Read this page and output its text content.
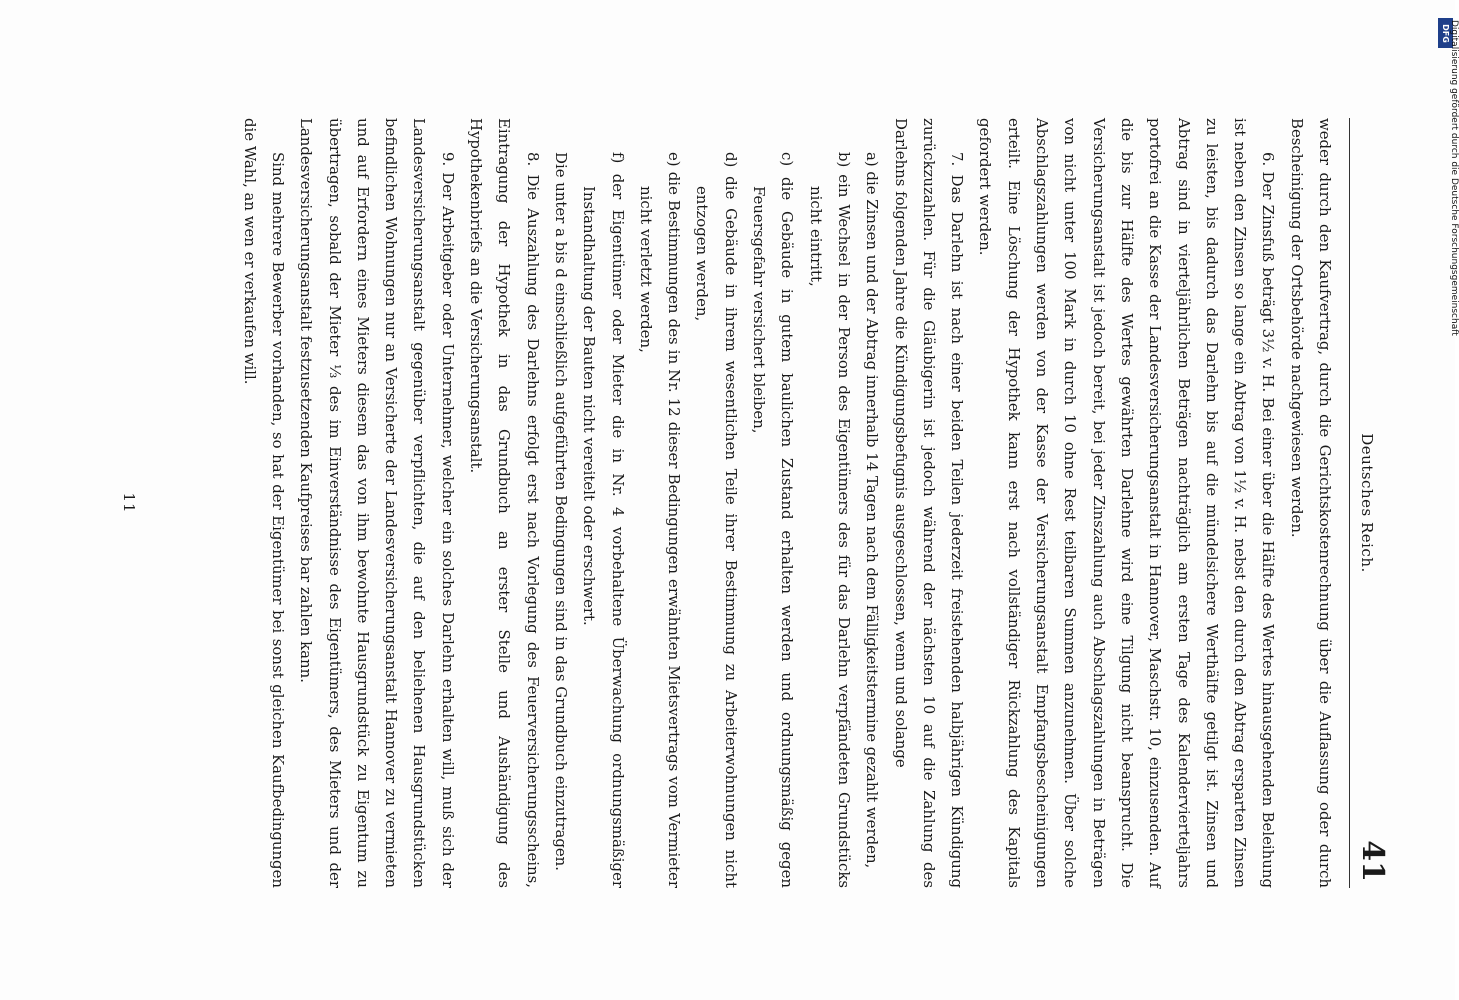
Deutsches Reich.
41

weder durch den Kaufvertrag, durch die Gerichtskostenrechnung über die Auflassung oder durch Bescheinigung der Ortsbehörde nachgewiesen werden.

6. Der Zinsfuß beträgt 3½ v. H. Bei einer über die Hälfte des Wertes hinausgehenden Beleihung ist neben den Zinsen so lange ein Abtrag von 1½ v. H. nebst den durch den Abtrag ersparten Zinsen zu leisten, bis dadurch das Darlehn bis auf die mündelsichere Werthälfte getilgt ist. Zinsen und Abtrag sind in vierteljährlichen Beträgen nachträglich am ersten Tage des Kalendervierteljahrs portofrei an die Kasse der Landesversicherungsanstalt in Hannover, Maschstr. 10, einzusenden. Auf die bis zur Hälfte des Wertes gewährten Darlehne wird eine Tilgung nicht beansprucht. Die Versicherungsanstalt ist jedoch bereit, bei jeder Zinszahlung auch Abschlagszahlungen in Beträgen von nicht unter 100 Mark in durch 10 ohne Rest teilbaren Summen anzunehmen. Über solche Abschlagszahlungen werden von der Kasse der Versicherungsanstalt Empfangsbescheinigungen erteilt. Eine Löschung der Hypothek kann erst nach vollständiger Rückzahlung des Kapitals gefordert werden.

7. Das Darlehn ist nach einer beiden Teilen jederzeit freistehenden halbjährigen Kündigung zurückzuzahlen. Für die Gläubigerin ist jedoch während der nächsten 10 auf die Zahlung des Darlehns folgenden Jahre die Kündigungsbefugnis ausgeschlossen, wenn und solange

a) die Zinsen und der Abtrag innerhalb 14 Tagen nach dem Fälligkeitstermine gezahlt werden,

b) ein Wechsel in der Person des Eigentümers des für das Darlehn verpfändeten Grundstücks nicht eintritt,

c) die Gebäude in gutem baulichen Zustand erhalten werden und ordnungsmäßig gegen Feuersgefahr versichert bleiben,

d) die Gebäude in ihrem wesentlichen Teile ihrer Bestimmung zu Arbeiterwohnungen nicht entzogen werden,

e) die Bestimmungen des in Nr. 12 dieser Bedingungen erwähnten Mietsvertrags vom Vermieter nicht verletzt werden,

f) der Eigentümer oder Mieter die in Nr. 4 vorbehaltene Überwachung ordnungsmäßiger Instandhaltung der Bauten nicht vereitelt oder erschwert.

Die unter a bis d einschließlich aufgeführten Bedingungen sind in das Grundbuch einzutragen.

8. Die Auszahlung des Darlehns erfolgt erst nach Vorlegung des Feuerversicherungsscheins, Eintragung der Hypothek in das Grundbuch an erster Stelle und Aushändigung des Hypothekenbriefs an die Versicherungsanstalt.

9. Der Arbeitgeber oder Unternehmer, welcher ein solches Darlehn erhalten will, muß sich der Landesversicherungsanstalt gegenüber verpflichten, die auf den beliehenen Hausgrundstücken befindlichen Wohnungen nur an Versicherte der Landesversicherungsanstalt Hannover zu vermieten und auf Erfordern eines Mieters diesem das von ihm bewohnte Hausgrundstück zu Eigentum zu übertragen, sobald der Mieter ⅓ des im Einverständnisse des Eigentümers, des Mieters und der Landesversicherungsanstalt festzusetzenden Kaufpreises bar zahlen kann.

Sind mehrere Bewerber vorhanden, so hat der Eigentümer bei sonst gleichen Kaufbedingungen die Wahl, an wen er verkaufen will.

11
DFG
Digitalisierung gefördert durch die Deutsche Forschungsgemeinschaft
